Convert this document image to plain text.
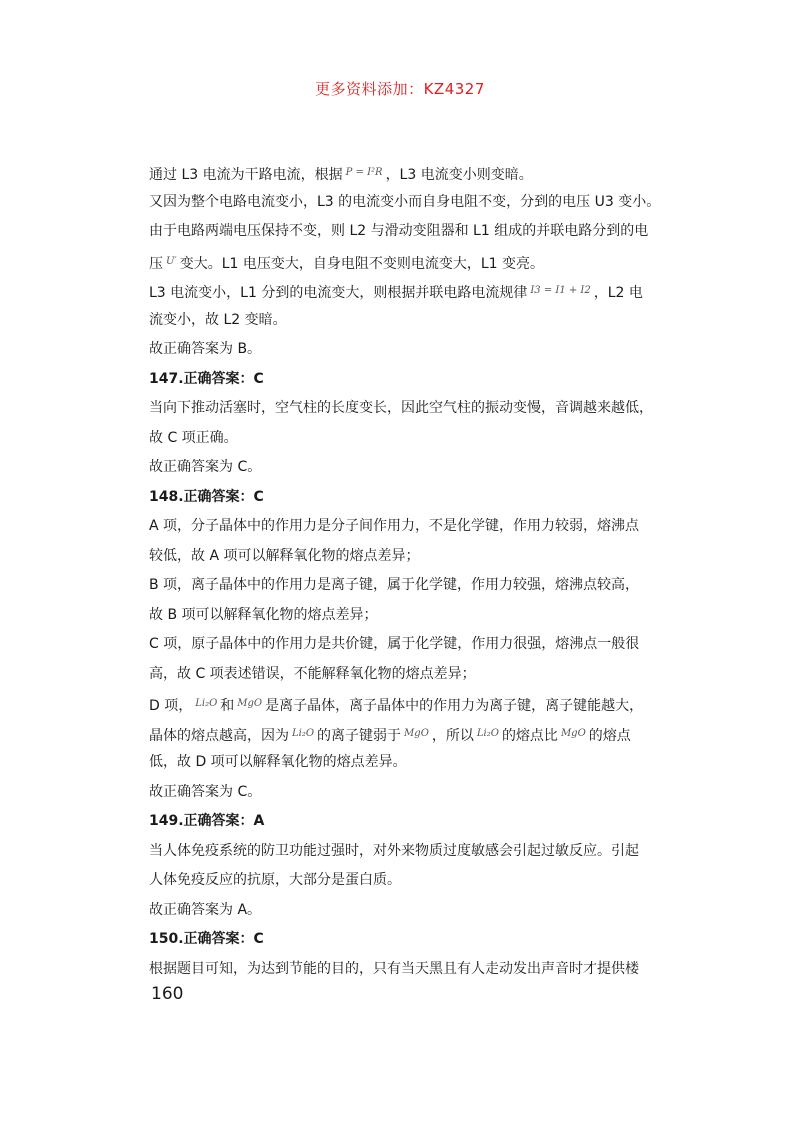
更多资料添加：KZ4327
通过 L3 电流为干路电流，根据 $^{P = I^2R}$ ，L3 电流变小则变暗。
又因为整个电路电流变小，L3 的电流变小而自身电阻不变，分到的电压 U3 变小。
由于电路两端电压保持不变，则 L2 与滑动变阻器和 L1 组成的并联电路分到的电
压 $^{U'}$ 变大。L1 电压变大，自身电阻不变则电流变大，L1 变亮。
L3 电流变小，L1 分到的电流变大，则根据并联电路电流规律 $^{I3 = I1 + I2}$ ，L2 电
流变小，故 L2 变暗。
故正确答案为 B。
147.正确答案：C
当向下推动活塞时，空气柱的长度变长，因此空气柱的振动变慢，音调越来越低，
故 C 项正确。
故正确答案为 C。
148.正确答案：C
A 项，分子晶体中的作用力是分子间作用力，不是化学键，作用力较弱，熔沸点
较低，故 A 项可以解释氧化物的熔点差异；
B 项，离子晶体中的作用力是离子键，属于化学键，作用力较强，熔沸点较高，
故 B 项可以解释氧化物的熔点差异；
C 项，原子晶体中的作用力是共价键，属于化学键，作用力很强，熔沸点一般很
高，故 C 项表述错误，不能解释氧化物的熔点差异；
D 项， $^{Li_2O}$ 和 $^{MgO}$ 是离子晶体，离子晶体中的作用力为离子键，离子键能越大，
晶体的熔点越高，因为 $^{Li_2O}$ 的离子键弱于 $^{MgO}$ ，所以 $^{Li_2O}$ 的熔点比 $^{MgO}$ 的熔点
低，故 D 项可以解释氧化物的熔点差异。
故正确答案为 C。
149.正确答案：A
当人体免疫系统的防卫功能过强时，对外来物质过度敏感会引起过敏反应。引起
人体免疫反应的抗原，大部分是蛋白质。
故正确答案为 A。
150.正确答案：C
根据题目可知，为达到节能的目的，只有当天黑且有人走动发出声音时才提供楼
160
